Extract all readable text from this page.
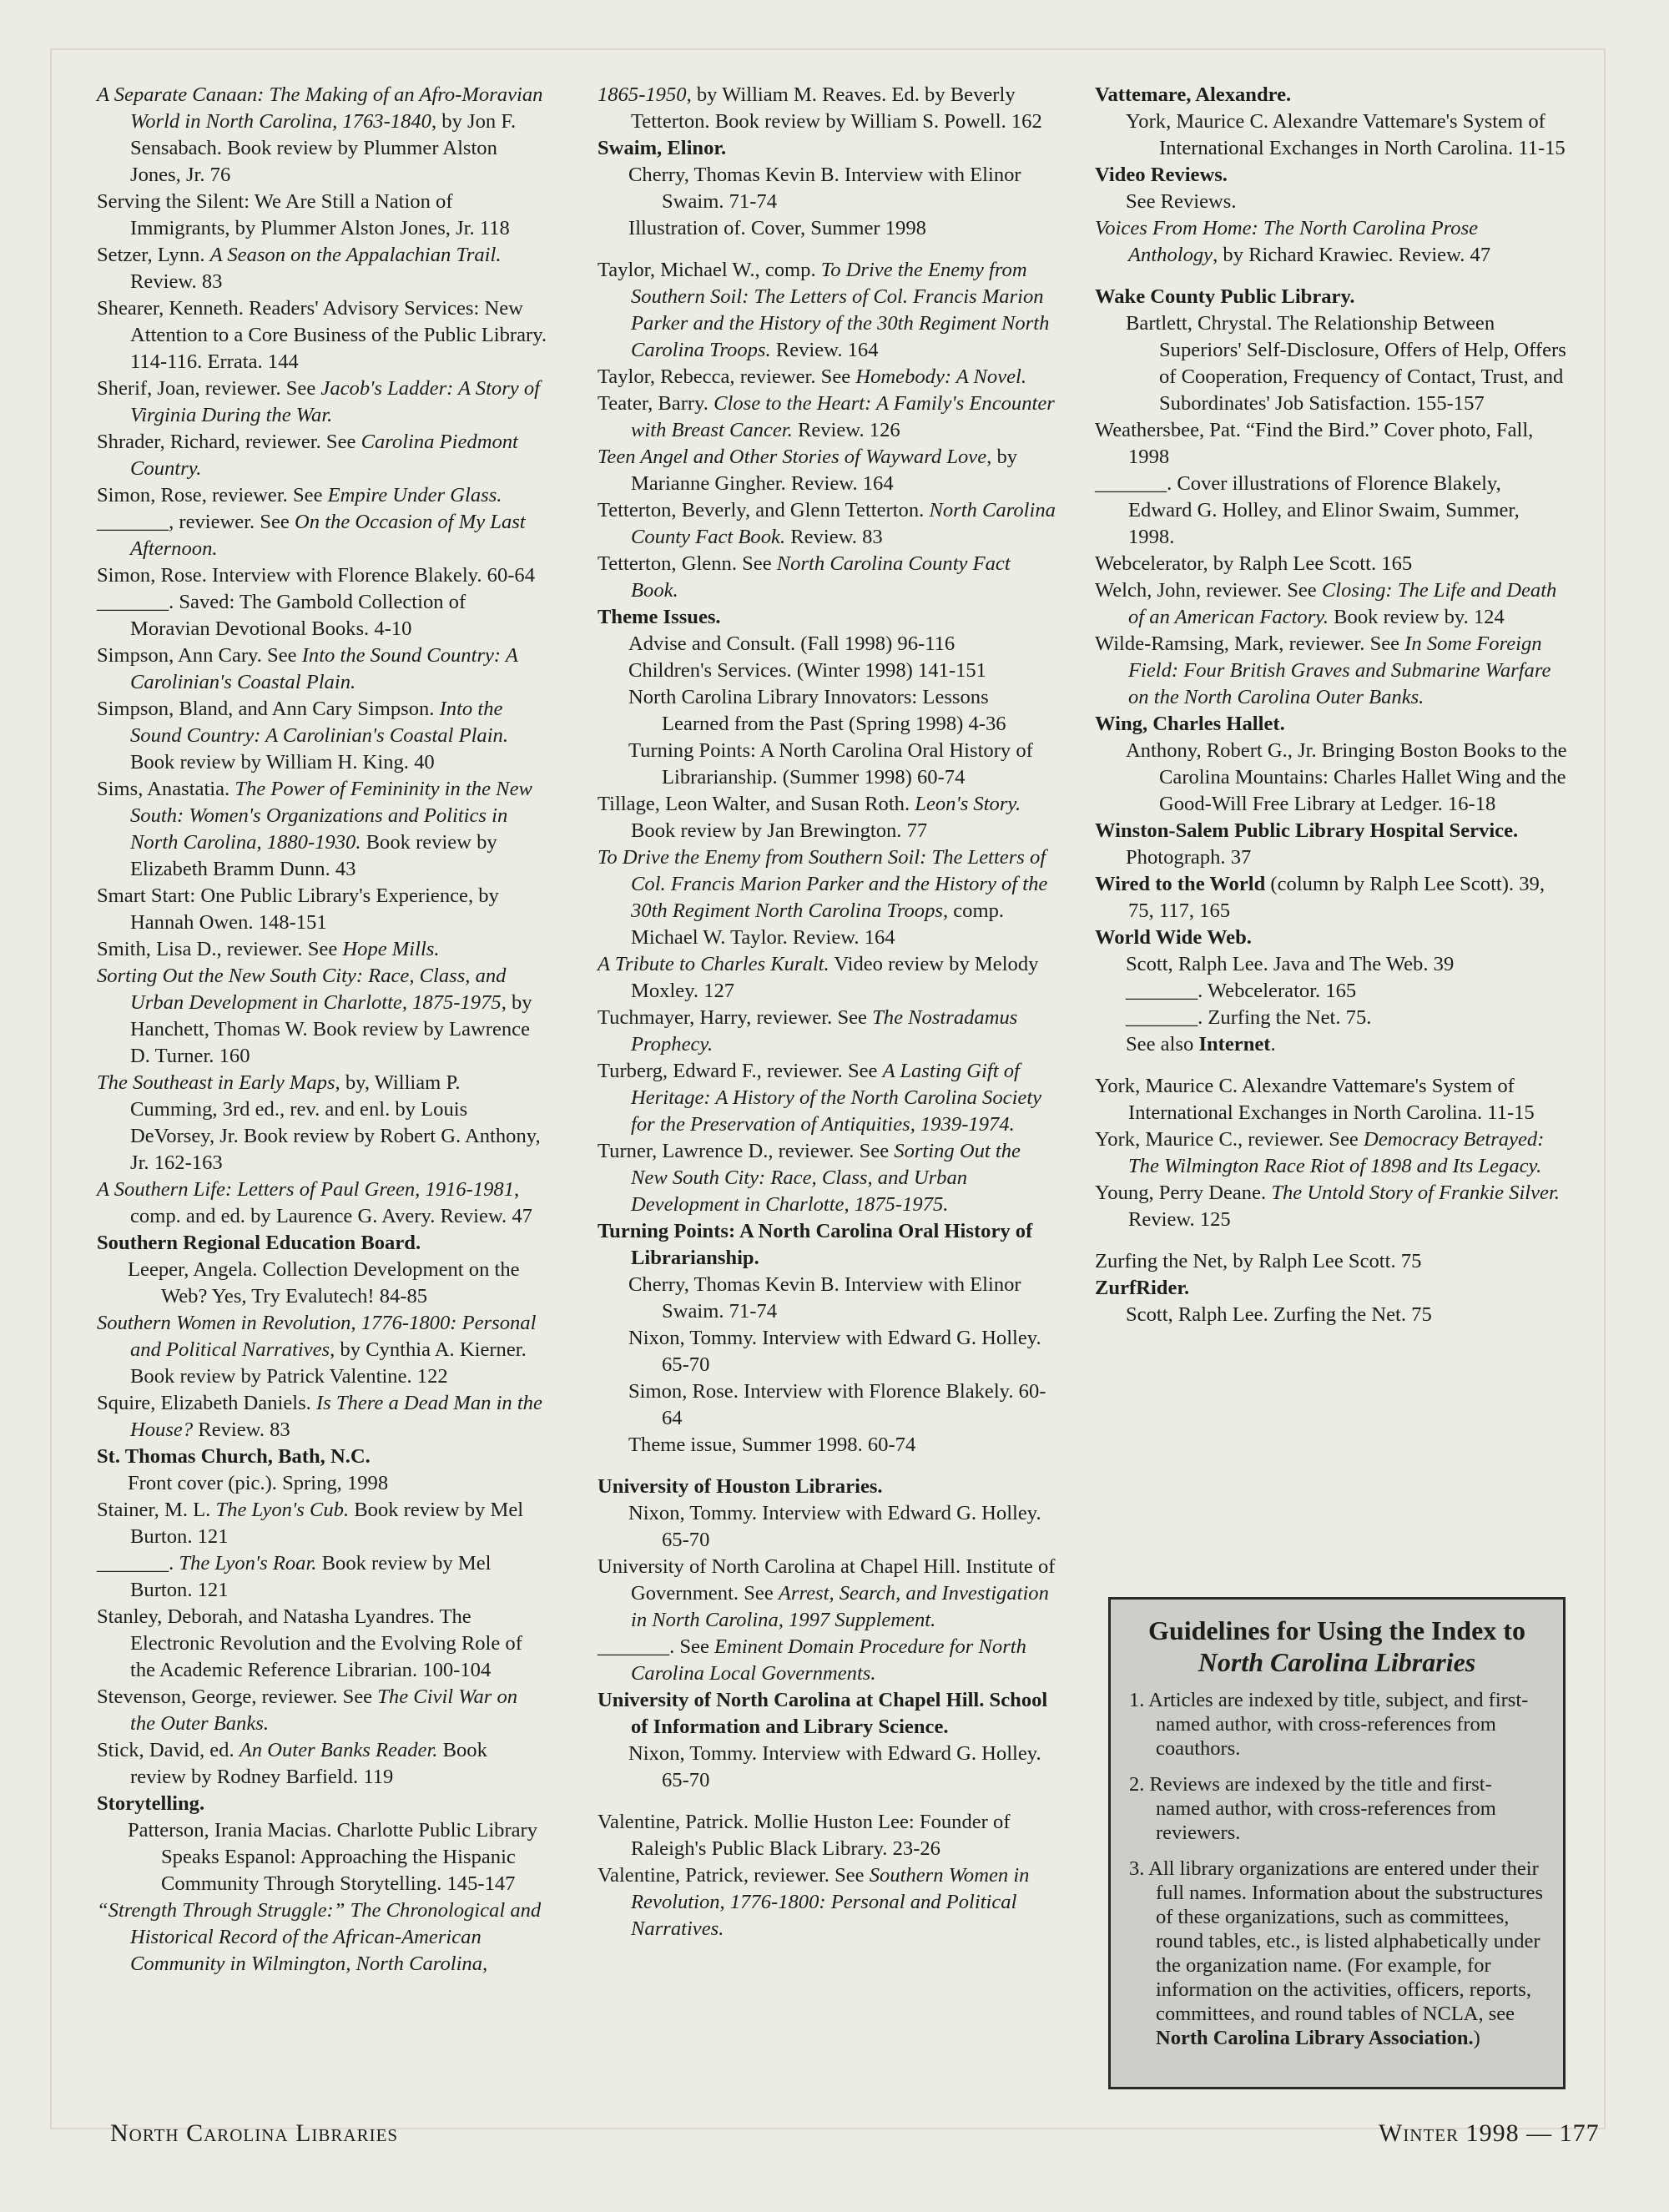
A Separate Canaan: The Making of an Afro-Moravian World in North Carolina, 1763-1840, by Jon F. Sensabach. Book review by Plummer Alston Jones, Jr. 76

Serving the Silent: We Are Still a Nation of Immigrants, by Plummer Alston Jones, Jr. 118

Setzer, Lynn. A Season on the Appalachian Trail. Review. 83

Shearer, Kenneth. Readers' Advisory Services: New Attention to a Core Business of the Public Library. 114-116. Errata. 144

Sherif, Joan, reviewer. See Jacob's Ladder: A Story of Virginia During the War.

Shrader, Richard, reviewer. See Carolina Piedmont Country.

Simon, Rose, reviewer. See Empire Under Glass.

_______, reviewer. See On the Occasion of My Last Afternoon.

Simon, Rose. Interview with Florence Blakely. 60-64

_______. Saved: The Gambold Collection of Moravian Devotional Books. 4-10

Simpson, Ann Cary. See Into the Sound Country: A Carolinian's Coastal Plain.

Simpson, Bland, and Ann Cary Simpson. Into the Sound Country: A Carolinian's Coastal Plain. Book review by William H. King. 40

Sims, Anastatia. The Power of Femininity in the New South: Women's Organizations and Politics in North Carolina, 1880-1930. Book review by Elizabeth Bramm Dunn. 43

Smart Start: One Public Library's Experience, by Hannah Owen. 148-151

Smith, Lisa D., reviewer. See Hope Mills.

Sorting Out the New South City: Race, Class, and Urban Development in Charlotte, 1875-1975, by Hanchett, Thomas W. Book review by Lawrence D. Turner. 160

The Southeast in Early Maps, by, William P. Cumming, 3rd ed., rev. and enl. by Louis DeVorsey, Jr. Book review by Robert G. Anthony, Jr. 162-163

A Southern Life: Letters of Paul Green, 1916-1981, comp. and ed. by Laurence G. Avery. Review. 47

Southern Regional Education Board.

Leeper, Angela. Collection Development on the Web? Yes, Try Evalutech! 84-85

Southern Women in Revolution, 1776-1800: Personal and Political Narratives, by Cynthia A. Kierner. Book review by Patrick Valentine. 122

Squire, Elizabeth Daniels. Is There a Dead Man in the House? Review. 83

St. Thomas Church, Bath, N.C.

Front cover (pic.). Spring, 1998

Stainer, M. L. The Lyon's Cub. Book review by Mel Burton. 121

_______. The Lyon's Roar. Book review by Mel Burton. 121

Stanley, Deborah, and Natasha Lyandres. The Electronic Revolution and the Evolving Role of the Academic Reference Librarian. 100-104

Stevenson, George, reviewer. See The Civil War on the Outer Banks.

Stick, David, ed. An Outer Banks Reader. Book review by Rodney Barfield. 119

Storytelling.

Patterson, Irania Macias. Charlotte Public Library Speaks Espanol: Approaching the Hispanic Community Through Storytelling. 145-147

“Strength Through Struggle:” The Chronological and Historical Record of the African-American Community in Wilmington, North Carolina,

1865-1950, by William M. Reaves. Ed. by Beverly Tetterton. Book review by William S. Powell. 162

Swaim, Elinor.

Cherry, Thomas Kevin B. Interview with Elinor Swaim. 71-74

Illustration of. Cover, Summer 1998

Taylor, Michael W., comp. To Drive the Enemy from Southern Soil: The Letters of Col. Francis Marion Parker and the History of the 30th Regiment North Carolina Troops. Review. 164

Taylor, Rebecca, reviewer. See Homebody: A Novel.

Teater, Barry. Close to the Heart: A Family's Encounter with Breast Cancer. Review. 126

Teen Angel and Other Stories of Wayward Love, by Marianne Gingher. Review. 164

Tetterton, Beverly, and Glenn Tetterton. North Carolina County Fact Book. Review. 83

Tetterton, Glenn. See North Carolina County Fact Book.

Theme Issues.

Advise and Consult. (Fall 1998) 96-116

Children's Services. (Winter 1998) 141-151

North Carolina Library Innovators: Lessons Learned from the Past (Spring 1998) 4-36

Turning Points: A North Carolina Oral History of Librarianship. (Summer 1998) 60-74

Tillage, Leon Walter, and Susan Roth. Leon's Story. Book review by Jan Brewington. 77

To Drive the Enemy from Southern Soil: The Letters of Col. Francis Marion Parker and the History of the 30th Regiment North Carolina Troops, comp. Michael W. Taylor. Review. 164

A Tribute to Charles Kuralt. Video review by Melody Moxley. 127

Tuchmayer, Harry, reviewer. See The Nostradamus Prophecy.

Turberg, Edward F., reviewer. See A Lasting Gift of Heritage: A History of the North Carolina Society for the Preservation of Antiquities, 1939-1974.

Turner, Lawrence D., reviewer. See Sorting Out the New South City: Race, Class, and Urban Development in Charlotte, 1875-1975.

Turning Points: A North Carolina Oral History of Librarianship.

Cherry, Thomas Kevin B. Interview with Elinor Swaim. 71-74

Nixon, Tommy. Interview with Edward G. Holley. 65-70

Simon, Rose. Interview with Florence Blakely. 60-64

Theme issue, Summer 1998. 60-74

University of Houston Libraries.

Nixon, Tommy. Interview with Edward G. Holley. 65-70

University of North Carolina at Chapel Hill. Institute of Government. See Arrest, Search, and Investigation in North Carolina, 1997 Supplement.

_______. See Eminent Domain Procedure for North Carolina Local Governments.

University of North Carolina at Chapel Hill. School of Information and Library Science.

Nixon, Tommy. Interview with Edward G. Holley. 65-70

Valentine, Patrick. Mollie Huston Lee: Founder of Raleigh's Public Black Library. 23-26

Valentine, Patrick, reviewer. See Southern Women in Revolution, 1776-1800: Personal and Political Narratives.

Vattemare, Alexandre.

York, Maurice C. Alexandre Vattemare's System of International Exchanges in North Carolina. 11-15

Video Reviews.

See Reviews.

Voices From Home: The North Carolina Prose Anthology, by Richard Krawiec. Review. 47

Wake County Public Library.

Bartlett, Chrystal. The Relationship Between Superiors' Self-Disclosure, Offers of Help, Offers of Cooperation, Frequency of Contact, Trust, and Subordinates' Job Satisfaction. 155-157

Weathersbee, Pat. “Find the Bird.” Cover photo, Fall, 1998

_______. Cover illustrations of Florence Blakely, Edward G. Holley, and Elinor Swaim, Summer, 1998.

Webcelerator, by Ralph Lee Scott. 165

Welch, John, reviewer. See Closing: The Life and Death of an American Factory. Book review by. 124

Wilde-Ramsing, Mark, reviewer. See In Some Foreign Field: Four British Graves and Submarine Warfare on the North Carolina Outer Banks.

Wing, Charles Hallet.

Anthony, Robert G., Jr. Bringing Boston Books to the Carolina Mountains: Charles Hallet Wing and the Good-Will Free Library at Ledger. 16-18

Winston-Salem Public Library Hospital Service.

Photograph. 37

Wired to the World (column by Ralph Lee Scott). 39, 75, 117, 165

World Wide Web.

Scott, Ralph Lee. Java and The Web. 39

_______. Webcelerator. 165

_______. Zurfing the Net. 75.

See also Internet.

York, Maurice C. Alexandre Vattemare's System of International Exchanges in North Carolina. 11-15

York, Maurice C., reviewer. See Democracy Betrayed: The Wilmington Race Riot of 1898 and Its Legacy.

Young, Perry Deane. The Untold Story of Frankie Silver. Review. 125

Zurfing the Net, by Ralph Lee Scott. 75

ZurfRider.

Scott, Ralph Lee. Zurfing the Net. 75

Guidelines for Using the Index to North Carolina Libraries

1. Articles are indexed by title, subject, and first-named author, with cross-references from coauthors.
2. Reviews are indexed by the title and first-named author, with cross-references from reviewers.
3. All library organizations are entered under their full names. Information about the substructures of these organizations, such as committees, round tables, etc., is listed alphabetically under the organization name. (For example, for information on the activities, officers, reports, committees, and round tables of NCLA, see North Carolina Library Association.)
North Carolina Libraries	Winter 1998 — 177
